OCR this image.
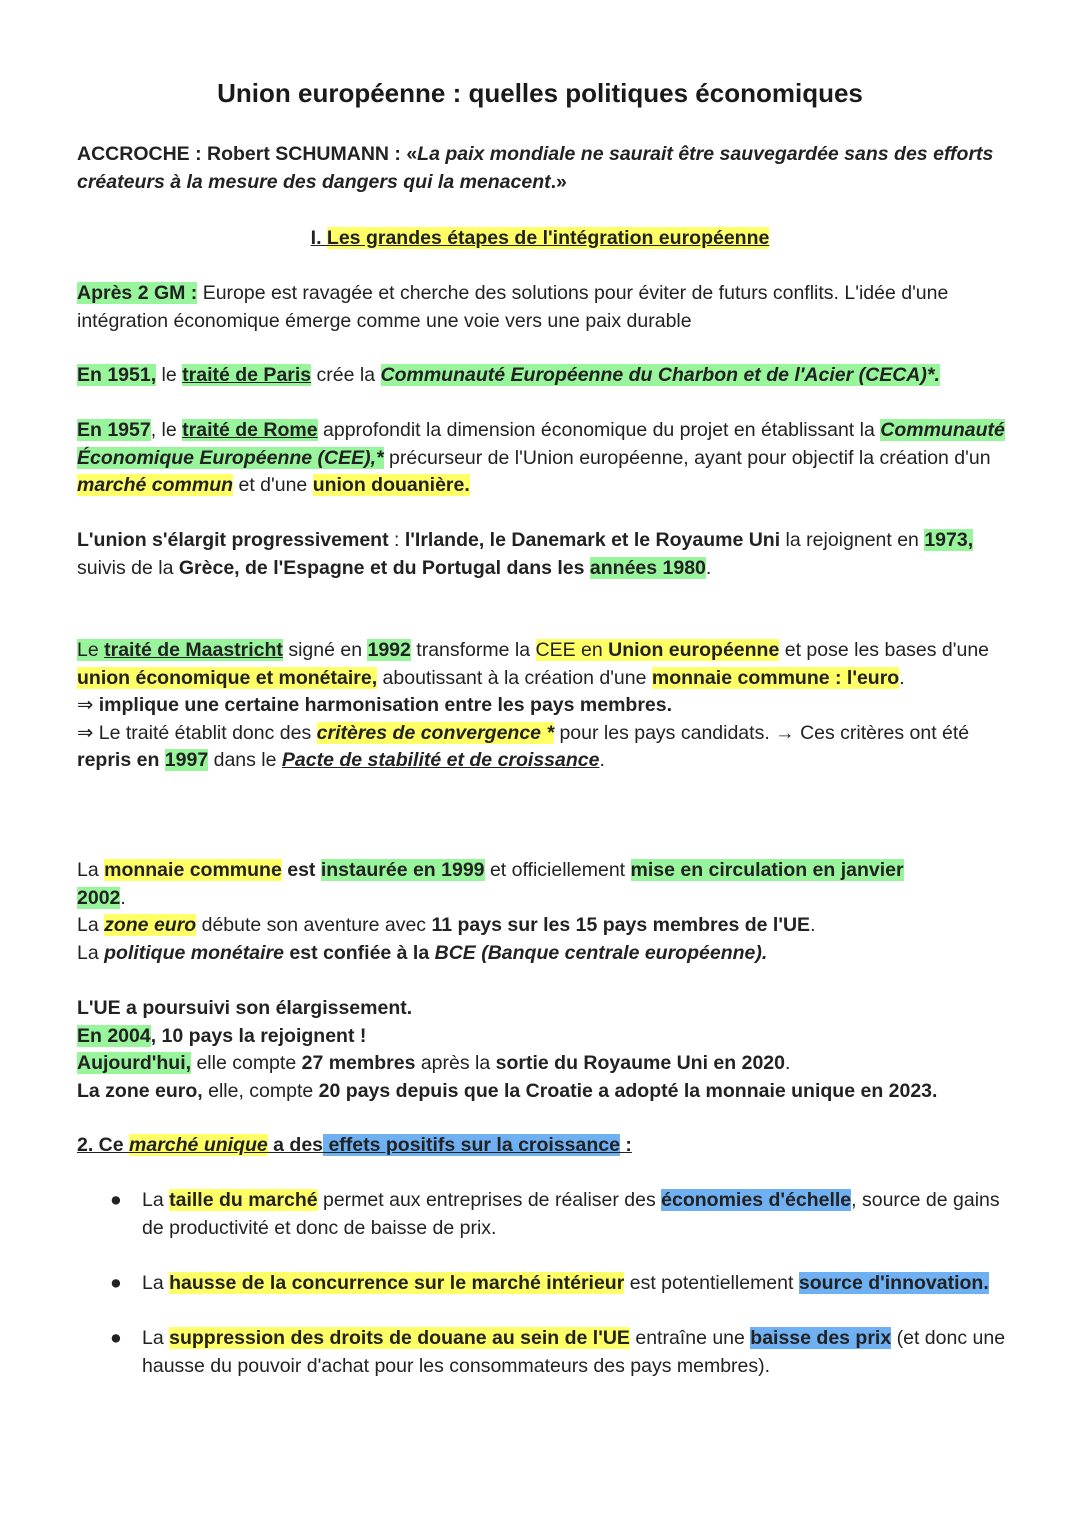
Union européenne : quelles politiques économiques
ACCROCHE : Robert SCHUMANN : «La paix mondiale ne saurait être sauvegardée sans des efforts créateurs à la mesure des dangers qui la menacent.»
I. Les grandes étapes de l'intégration européenne
Après 2 GM : Europe est ravagée et cherche des solutions pour éviter de futurs conflits. L'idée d'une intégration économique émerge comme une voie vers une paix durable
En 1951, le traité de Paris crée la Communauté Européenne du Charbon et de l'Acier (CECA)*.
En 1957, le traité de Rome approfondit la dimension économique du projet en établissant la Communauté Économique Européenne (CEE),* précurseur de l'Union européenne, ayant pour objectif la création d'un marché commun et d'une union douanière.
L'union s'élargit progressivement : l'Irlande, le Danemark et le Royaume Uni la rejoignent en 1973, suivis de la Grèce, de l'Espagne et du Portugal dans les années 1980.
Le traité de Maastricht signé en 1992 transforme la CEE en Union européenne et pose les bases d'une union économique et monétaire, aboutissant à la création d'une monnaie commune : l'euro.
⇒ implique une certaine harmonisation entre les pays membres.
⇒ Le traité établit donc des critères de convergence * pour les pays candidats. → Ces critères ont été repris en 1997 dans le Pacte de stabilité et de croissance.
La monnaie commune est instaurée en 1999 et officiellement mise en circulation en janvier 2002.
La zone euro débute son aventure avec 11 pays sur les 15 pays membres de l'UE.
La politique monétaire est confiée à la BCE (Banque centrale européenne).
L'UE a poursuivi son élargissement.
En 2004, 10 pays la rejoignent !
Aujourd'hui, elle compte 27 membres après la sortie du Royaume Uni en 2020.
La zone euro, elle, compte 20 pays depuis que la Croatie a adopté la monnaie unique en 2023.
2. Ce marché unique a des effets positifs sur la croissance :
● La taille du marché permet aux entreprises de réaliser des économies d'échelle, source de gains de productivité et donc de baisse de prix.
● La hausse de la concurrence sur le marché intérieur est potentiellement source d'innovation.
● La suppression des droits de douane au sein de l'UE entraîne une baisse des prix (et donc une hausse du pouvoir d'achat pour les consommateurs des pays membres).
